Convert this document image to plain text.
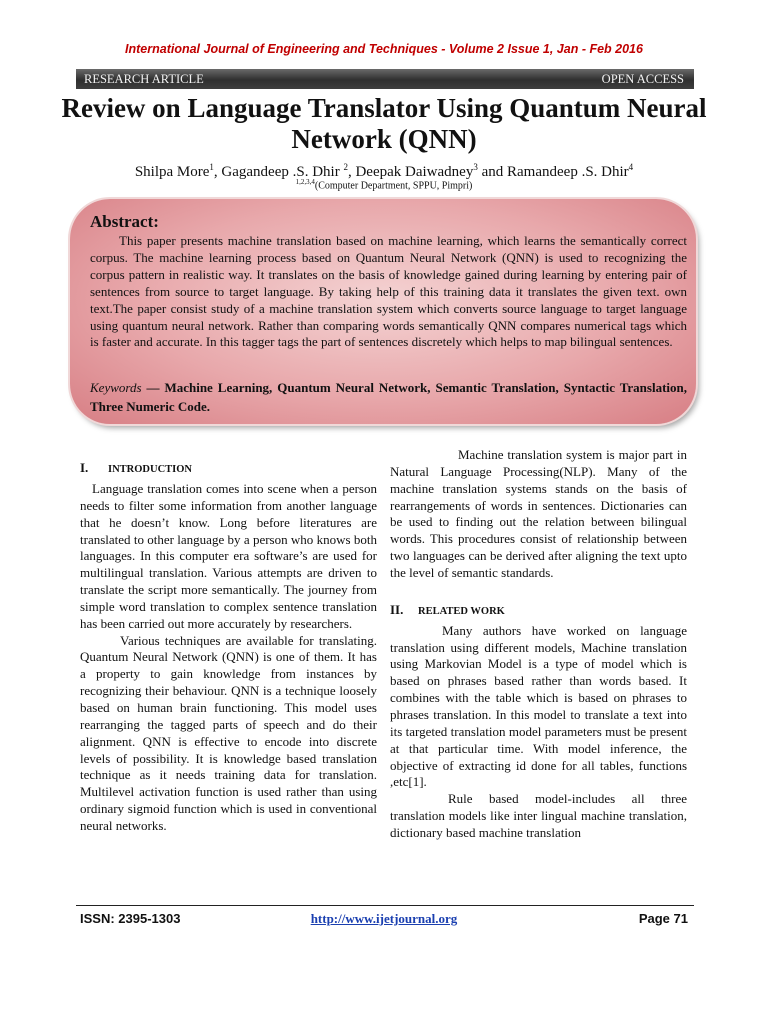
International Journal of Engineering and Techniques - Volume 2 Issue 1, Jan - Feb 2016
RESEARCH ARTICLE	OPEN ACCESS
Review on Language Translator Using Quantum Neural Network (QNN)
Shilpa More$^1$, Gagandeep .S. Dhir $^2$, Deepak Daiwadney$^3$ and Ramandeep .S. Dhir$^4$
$^{1,2,3,4}$(Computer Department, SPPU, Pimpri)
Abstract:
This paper presents machine translation based on machine learning, which learns the semantically correct corpus. The machine learning process based on Quantum Neural Network (QNN) is used to recognizing the corpus pattern in realistic way. It translates on the basis of knowledge gained during learning by entering pair of sentences from source to target language. By taking help of this training data it translates the given text. own text.The paper consist study of a machine translation system which converts source language to target language using quantum neural network. Rather than comparing words semantically QNN compares numerical tags which is faster and accurate. In this tagger tags the part of sentences discretely which helps to map bilingual sentences.
Keywords — Machine Learning, Quantum Neural Network, Semantic Translation, Syntactic Translation, Three Numeric Code.
I. INTRODUCTION

Language translation comes into scene when a person needs to filter some information from another language that he doesn’t know. Long before literatures are translated to other language by a person who knows both languages. In this computer era software’s are used for multilingual translation. Various attempts are driven to translate the script more semantically. The journey from simple word translation to complex sentence translation has been carried out more accurately by researchers.

Various techniques are available for translating. Quantum Neural Network (QNN) is one of them. It has a property to gain knowledge from instances by recognizing their behaviour. QNN is a technique loosely based on human brain functioning. This model uses rearranging the tagged parts of speech and do their alignment. QNN is effective to encode into discrete levels of possibility. It is knowledge based translation technique as it needs training data for translation. Multilevel activation function is used rather than using ordinary sigmoid function which is used in conventional neural networks.

Machine translation system is major part in Natural Language Processing(NLP). Many of the machine translation systems stands on the basis of rearrangements of words in sentences. Dictionaries can be used to finding out the relation between bilingual words. This procedures consist of relationship between two languages can be derived after aligning the text upto the level of semantic standards.

II. RELATED WORK

Many authors have worked on language translation using different models, Machine translation using Markovian Model is a type of model which is based on phrases based rather than words based. It combines with the table which is based on phrases to phrases translation. In this model to translate a text into its targeted translation model parameters must be present at that particular time. With model inference, the objective of extracting id done for all tables, functions ,etc[1].

Rule based model-includes all three translation models like inter lingual machine translation, dictionary based machine translation

ISSN: 2395-1303	http://www.ijetjournal.org	Page 71
